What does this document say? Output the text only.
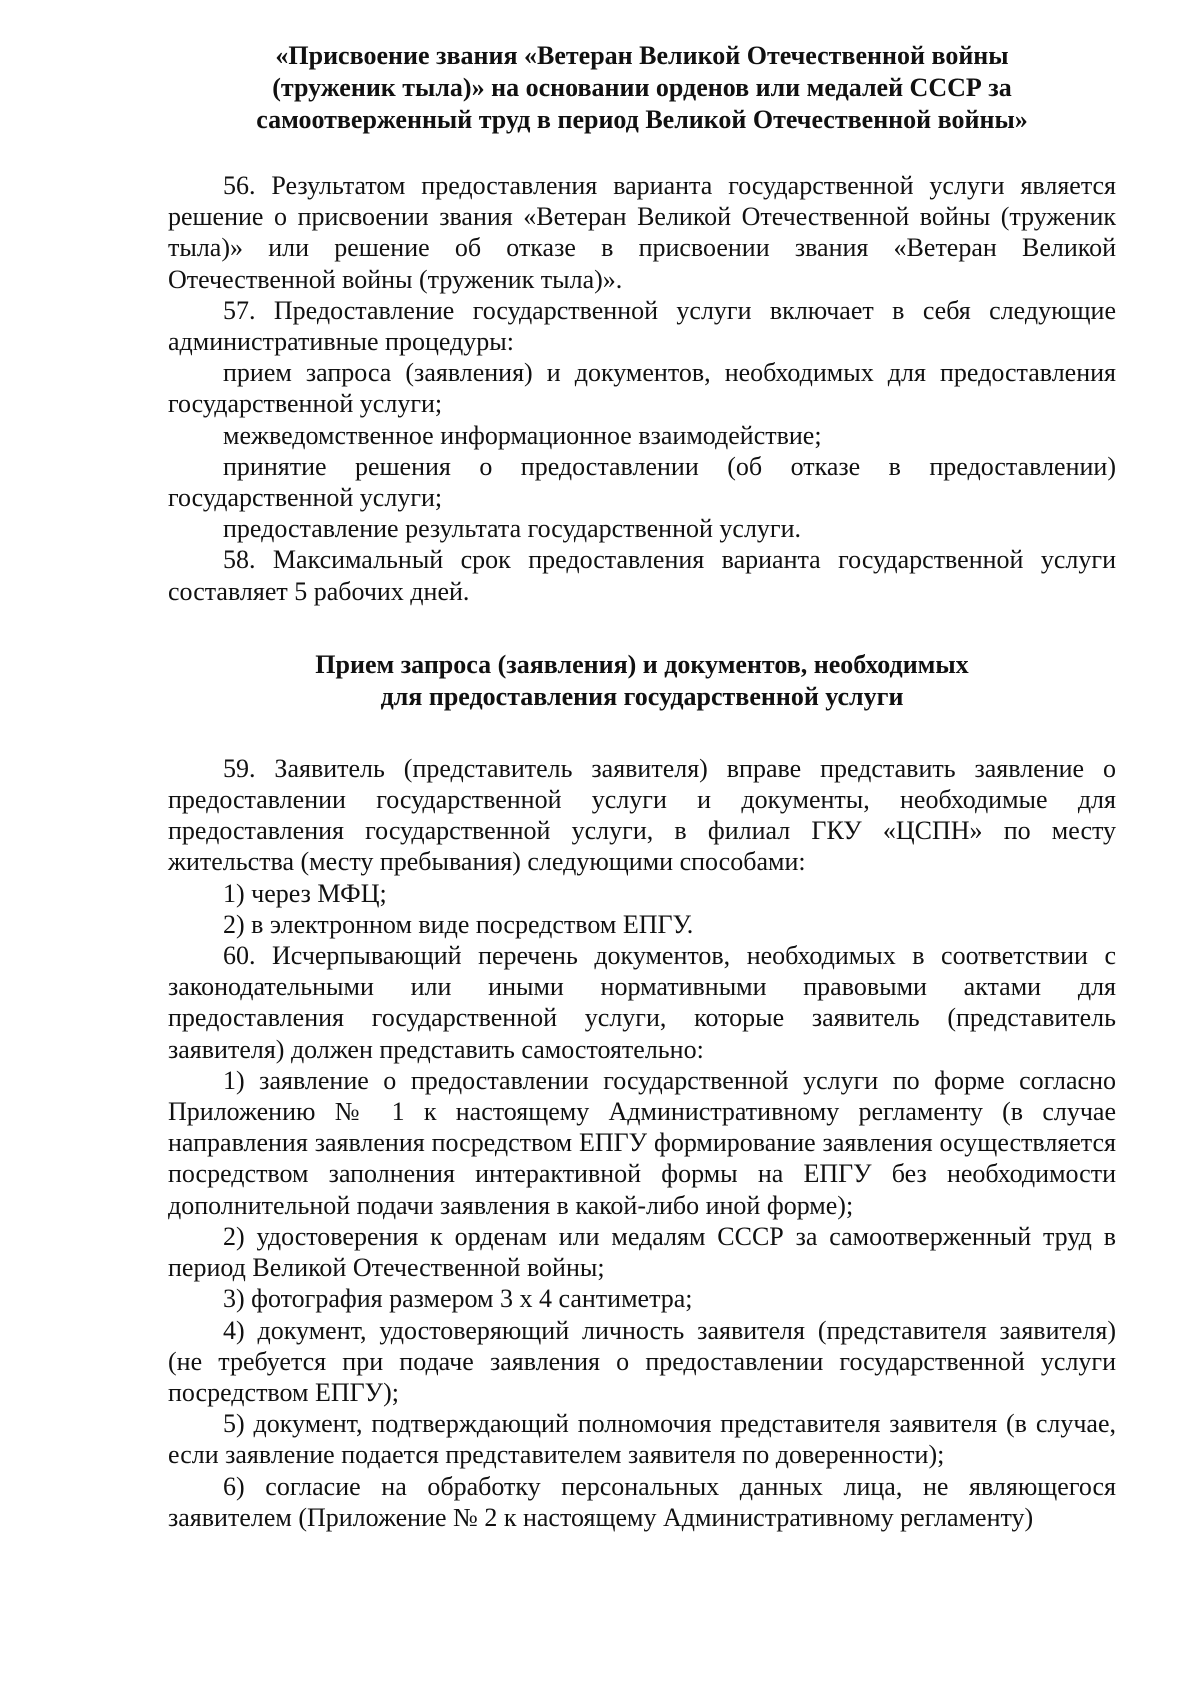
«Присвоение звания «Ветеран Великой Отечественной войны
(труженик тыла)» на основании орденов или медалей СССР за
самоотверженный труд в период Великой Отечественной войны»

56. Результатом предоставления варианта государственной услуги является решение о присвоении звания «Ветеран Великой Отечественной войны (труженик тыла)» или решение об отказе в присвоении звания «Ветеран Великой Отечественной войны (труженик тыла)».

57. Предоставление государственной услуги включает в себя следующие административные процедуры:

прием запроса (заявления) и документов, необходимых для предоставления государственной услуги;

межведомственное информационное взаимодействие;

принятие решения о предоставлении (об отказе в предоставлении) государственной услуги;

предоставление результата государственной услуги.

58. Максимальный срок предоставления варианта государственной услуги составляет 5 рабочих дней.

Прием запроса (заявления) и документов, необходимых
для предоставления государственной услуги

59. Заявитель (представитель заявителя) вправе представить заявление о предоставлении государственной услуги и документы, необходимые для предоставления государственной услуги, в филиал ГКУ «ЦСПН» по месту жительства (месту пребывания) следующими способами:

1) через МФЦ;

2) в электронном виде посредством ЕПГУ.

60. Исчерпывающий перечень документов, необходимых в соответствии с законодательными или иными нормативными правовыми актами для предоставления государственной услуги, которые заявитель (представитель заявителя) должен представить самостоятельно:

1) заявление о предоставлении государственной услуги по форме согласно Приложению № 1 к настоящему Административному регламенту (в случае направления заявления посредством ЕПГУ формирование заявления осуществляется посредством заполнения интерактивной формы на ЕПГУ без необходимости дополнительной подачи заявления в какой-либо иной форме);

2) удостоверения к орденам или медалям СССР за самоотверженный труд в период Великой Отечественной войны;

3) фотография размером 3 х 4 сантиметра;

4) документ, удостоверяющий личность заявителя (представителя заявителя) (не требуется при подаче заявления о предоставлении государственной услуги посредством ЕПГУ);

5) документ, подтверждающий полномочия представителя заявителя (в случае, если заявление подается представителем заявителя по доверенности);

6) согласие на обработку персональных данных лица, не являющегося заявителем (Приложение № 2 к настоящему Административному регламенту)
